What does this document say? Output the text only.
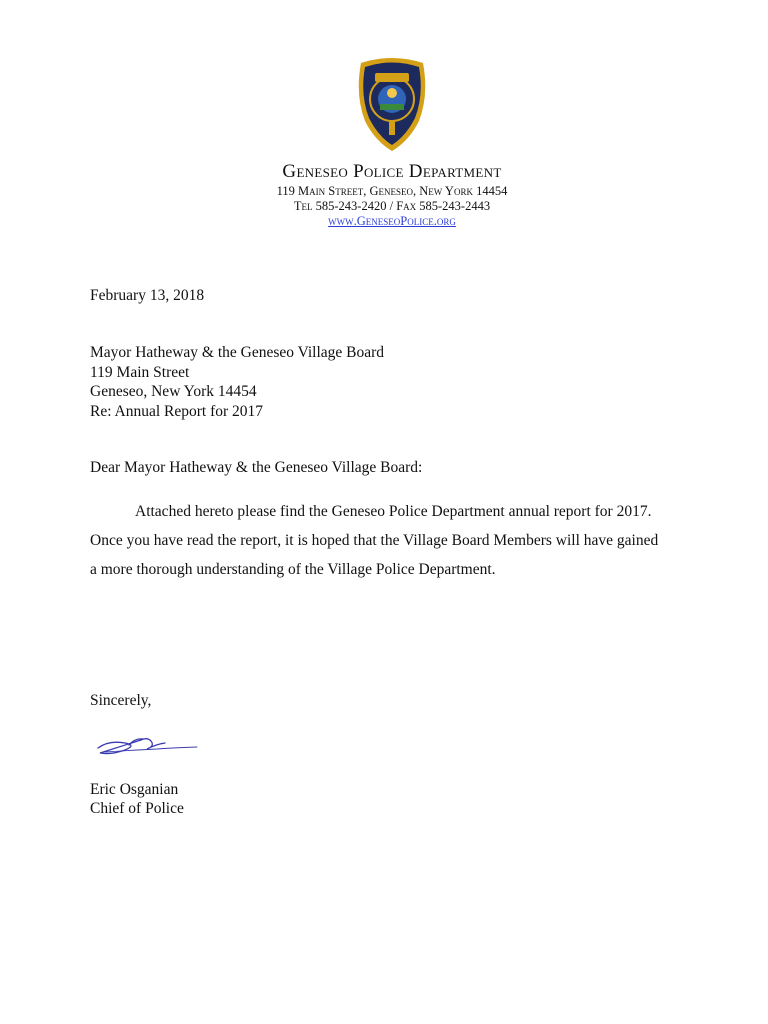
Geneseo Police Department
119 Main Street, Geneseo, New York 14454
Tel 585-243-2420 / Fax 585-243-2443
www.GeneseoPolice.org
February 13, 2018
Mayor Hatheway & the Geneseo Village Board
119 Main Street
Geneseo, New York 14454
Re: Annual Report for 2017
Dear Mayor Hatheway & the Geneseo Village Board:
Attached hereto please find the Geneseo Police Department annual report for 2017.
Once you have read the report, it is hoped that the Village Board Members will have gained
a more thorough understanding of the Village Police Department.
Sincerely,
Eric Osganian
Chief of Police
